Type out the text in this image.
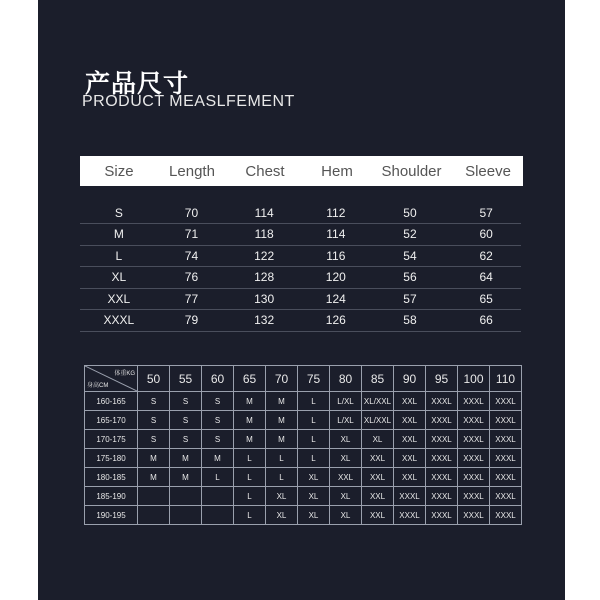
产品尺寸
PRODUCT MEASLFEMENT
Size	Length	Chest	Hem	Shoulder	Sleeve
S	70	114	112	50	57
M	71	118	114	52	60
L	74	122	116	54	62
XL	76	128	120	56	64
XXL	77	130	124	57	65
XXXL	79	132	126	58	66
体重KG
身高CM	50	55	60	65	70	75	80	85	90	95	100	110
160-165	S	S	S	M	M	L	L/XL	XL/XXL	XXL	XXXL	XXXL	XXXL
165-170	S	S	S	M	M	L	L/XL	XL/XXL	XXL	XXXL	XXXL	XXXL
170-175	S	S	S	M	M	L	XL	XL	XXL	XXXL	XXXL	XXXL
175-180	M	M	M	L	L	L	XL	XXL	XXL	XXXL	XXXL	XXXL
180-185	M	M	L	L	L	XL	XXL	XXL	XXL	XXXL	XXXL	XXXL
185-190				L	XL	XL	XL	XXL	XXXL	XXXL	XXXL	XXXL
190-195				L	XL	XL	XL	XXL	XXXL	XXXL	XXXL	XXXL
